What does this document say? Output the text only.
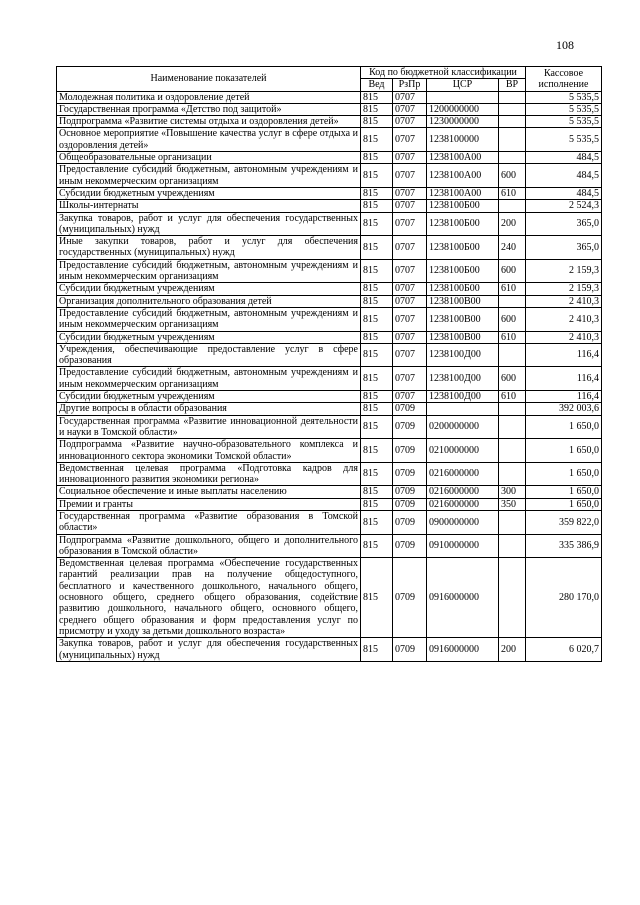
108
Наименование показателей	Код по бюджетной классификации				Кассовое исполнение
	Вед	РзПр	ЦСР	ВР	
Молодежная политика и оздоровление детей	815	0707			5 535,5
Государственная программа «Детство под защитой»	815	0707	1200000000		5 535,5
Подпрограмма «Развитие системы отдыха и оздоровления детей»	815	0707	1230000000		5 535,5
Основное мероприятие «Повышение качества услуг в сфере отдыха и оздоровления детей»	815	0707	1238100000		5 535,5
Общеобразовательные организации	815	0707	1238100А00		484,5
Предоставление субсидий бюджетным, автономным учреждениям и иным некоммерческим организациям	815	0707	1238100А00	600	484,5
Субсидии бюджетным учреждениям	815	0707	1238100А00	610	484,5
Школы-интернаты	815	0707	1238100Б00		2 524,3
Закупка товаров, работ и услуг для обеспечения государственных (муниципальных) нужд	815	0707	1238100Б00	200	365,0
Иные закупки товаров, работ и услуг для обеспечения государственных (муниципальных) нужд	815	0707	1238100Б00	240	365,0
Предоставление субсидий бюджетным, автономным учреждениям и иным некоммерческим организациям	815	0707	1238100Б00	600	2 159,3
Субсидии бюджетным учреждениям	815	0707	1238100Б00	610	2 159,3
Организация дополнительного образования детей	815	0707	1238100В00		2 410,3
Предоставление субсидий бюджетным, автономным учреждениям и иным некоммерческим организациям	815	0707	1238100В00	600	2 410,3
Субсидии бюджетным учреждениям	815	0707	1238100В00	610	2 410,3
Учреждения, обеспечивающие предоставление услуг в сфере образования	815	0707	1238100Д00		116,4
Предоставление субсидий бюджетным, автономным учреждениям и иным некоммерческим организациям	815	0707	1238100Д00	600	116,4
Субсидии бюджетным учреждениям	815	0707	1238100Д00	610	116,4
Другие вопросы в области образования	815	0709			392 003,6
Государственная программа «Развитие инновационной деятельности и науки в Томской области»	815	0709	0200000000		1 650,0
Подпрограмма «Развитие научно-образовательного комплекса и инновационного сектора экономики Томской области»	815	0709	0210000000		1 650,0
Ведомственная целевая программа «Подготовка кадров для инновационного развития экономики региона»	815	0709	0216000000		1 650,0
Социальное обеспечение и иные выплаты населению	815	0709	0216000000	300	1 650,0
Премии и гранты	815	0709	0216000000	350	1 650,0
Государственная программа «Развитие образования в Томской области»	815	0709	0900000000		359 822,0
Подпрограмма «Развитие дошкольного, общего и дополнительного образования в Томской области»	815	0709	0910000000		335 386,9
Ведомственная целевая программа «Обеспечение государственных гарантий реализации прав на получение общедоступного, бесплатного и качественного дошкольного, начального общего, основного общего, среднего общего образования, содействие развитию дошкольного, начального общего, основного общего, среднего общего образования и форм предоставления услуг по присмотру и уходу за детьми дошкольного возраста»	815	0709	0916000000		280 170,0
Закупка товаров, работ и услуг для обеспечения государственных (муниципальных) нужд	815	0709	0916000000	200	6 020,7
